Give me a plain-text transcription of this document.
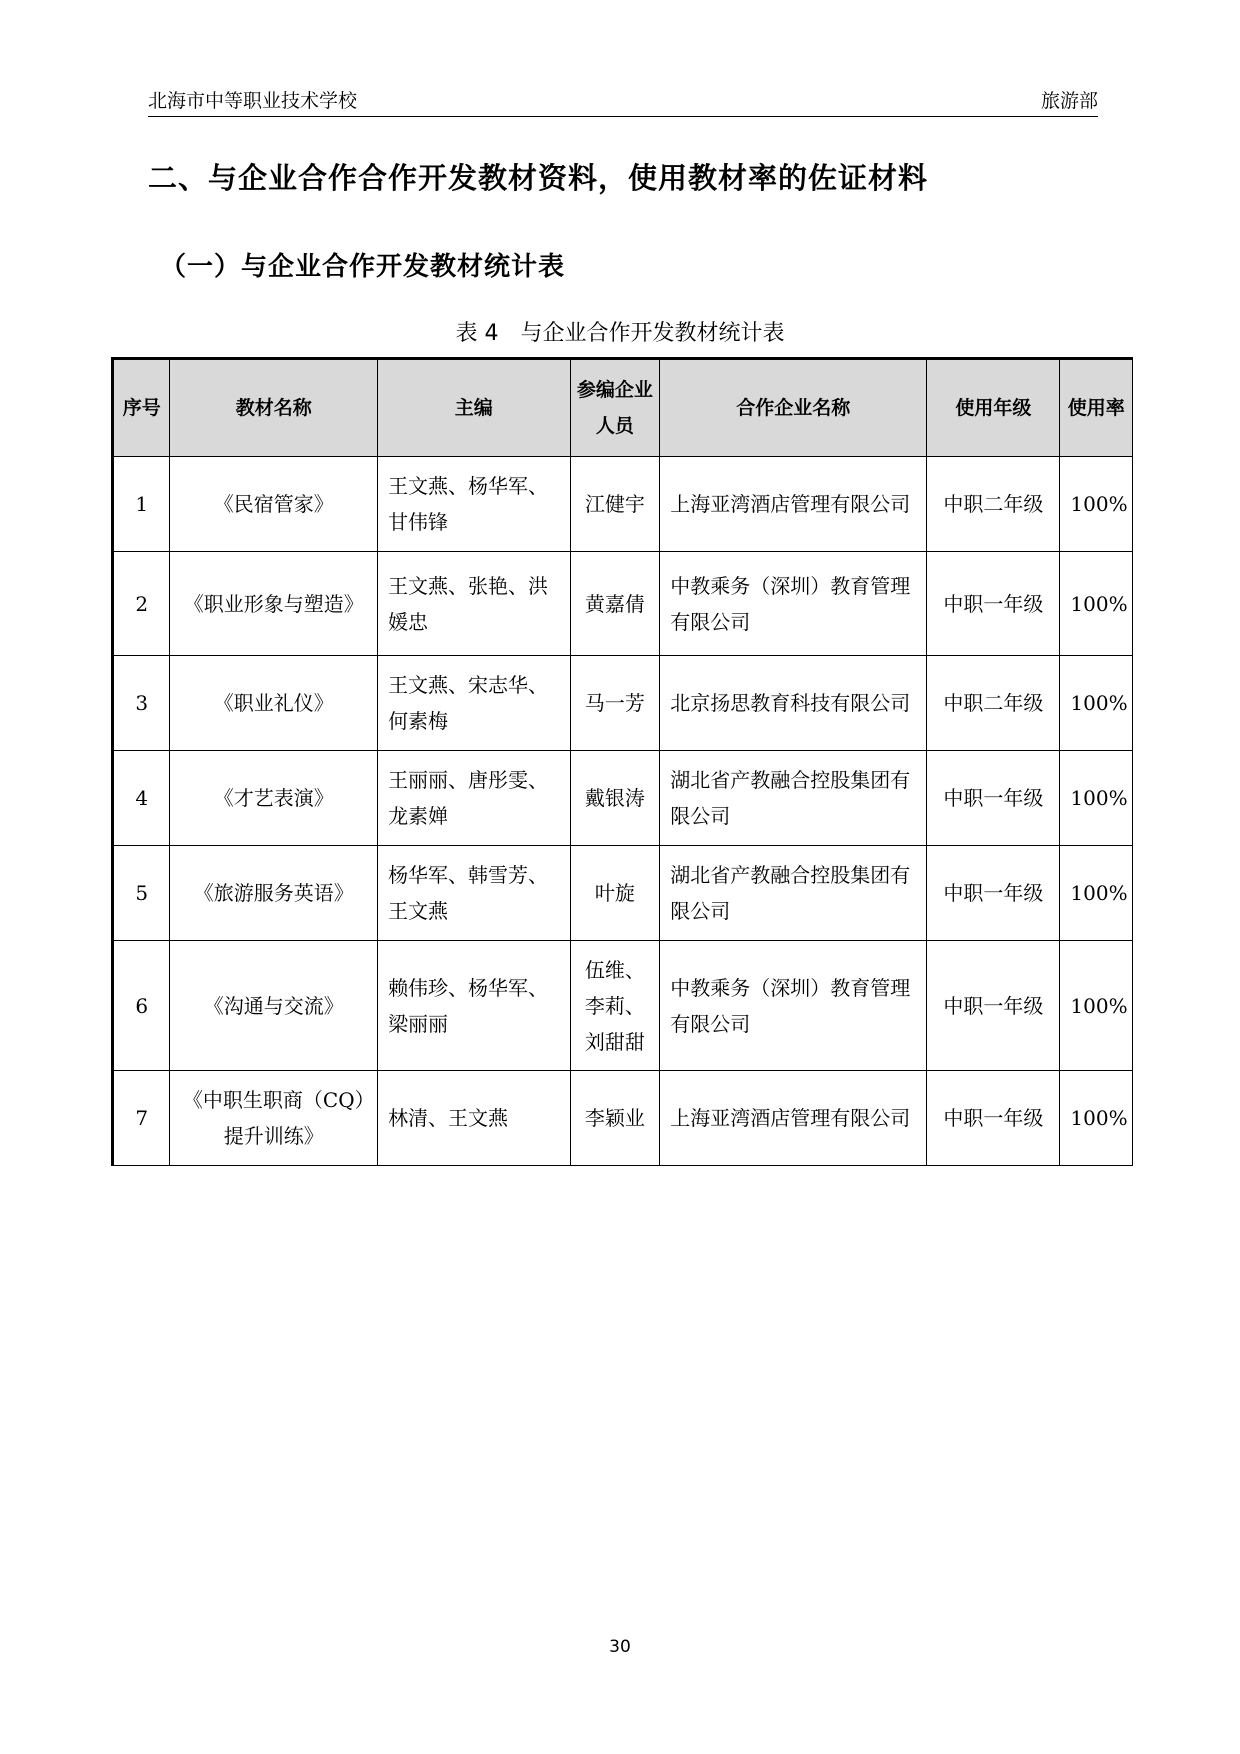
北海市中等职业技术学校	旅游部
二、与企业合作合作开发教材资料，使用教材率的佐证材料
（一）与企业合作开发教材统计表
表 4　与企业合作开发教材统计表
序号	教材名称	主编	参编企业人员	合作企业名称	使用年级	使用率
1	《民宿管家》	王文燕、杨华军、甘伟锋	江健宇	上海亚湾酒店管理有限公司	中职二年级	100%
2	《职业形象与塑造》	王文燕、张艳、洪媛忠	黄嘉倩	中教乘务（深圳）教育管理有限公司	中职一年级	100%
3	《职业礼仪》	王文燕、宋志华、何素梅	马一芳	北京扬思教育科技有限公司	中职二年级	100%
4	《才艺表演》	王丽丽、唐彤雯、龙素婵	戴银涛	湖北省产教融合控股集团有限公司	中职一年级	100%
5	《旅游服务英语》	杨华军、韩雪芳、王文燕	叶旋	湖北省产教融合控股集团有限公司	中职一年级	100%
6	《沟通与交流》	赖伟珍、杨华军、梁丽丽	伍维、李莉、刘甜甜	中教乘务（深圳）教育管理有限公司	中职一年级	100%
7	《中职生职商（CQ）提升训练》	林清、王文燕	李颖业	上海亚湾酒店管理有限公司	中职一年级	100%
30
